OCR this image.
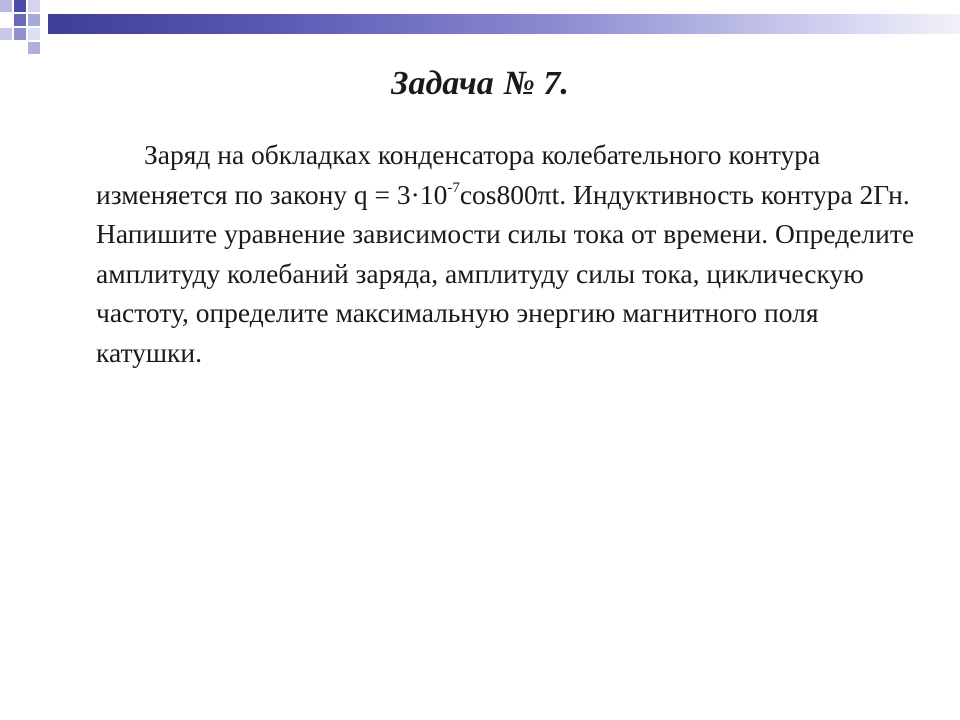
Задача № 7.

Заряд на обкладках конденсатора колебательного контура изменяется по закону $q = 3\cdot 10^{-7}\cos 800\pi t$. Индуктивность контура 2Гн. Напишите уравнение зависимости силы тока от времени. Определите амплитуду колебаний заряда, амплитуду силы тока, циклическую частоту, определите максимальную энергию магнитного поля катушки.
